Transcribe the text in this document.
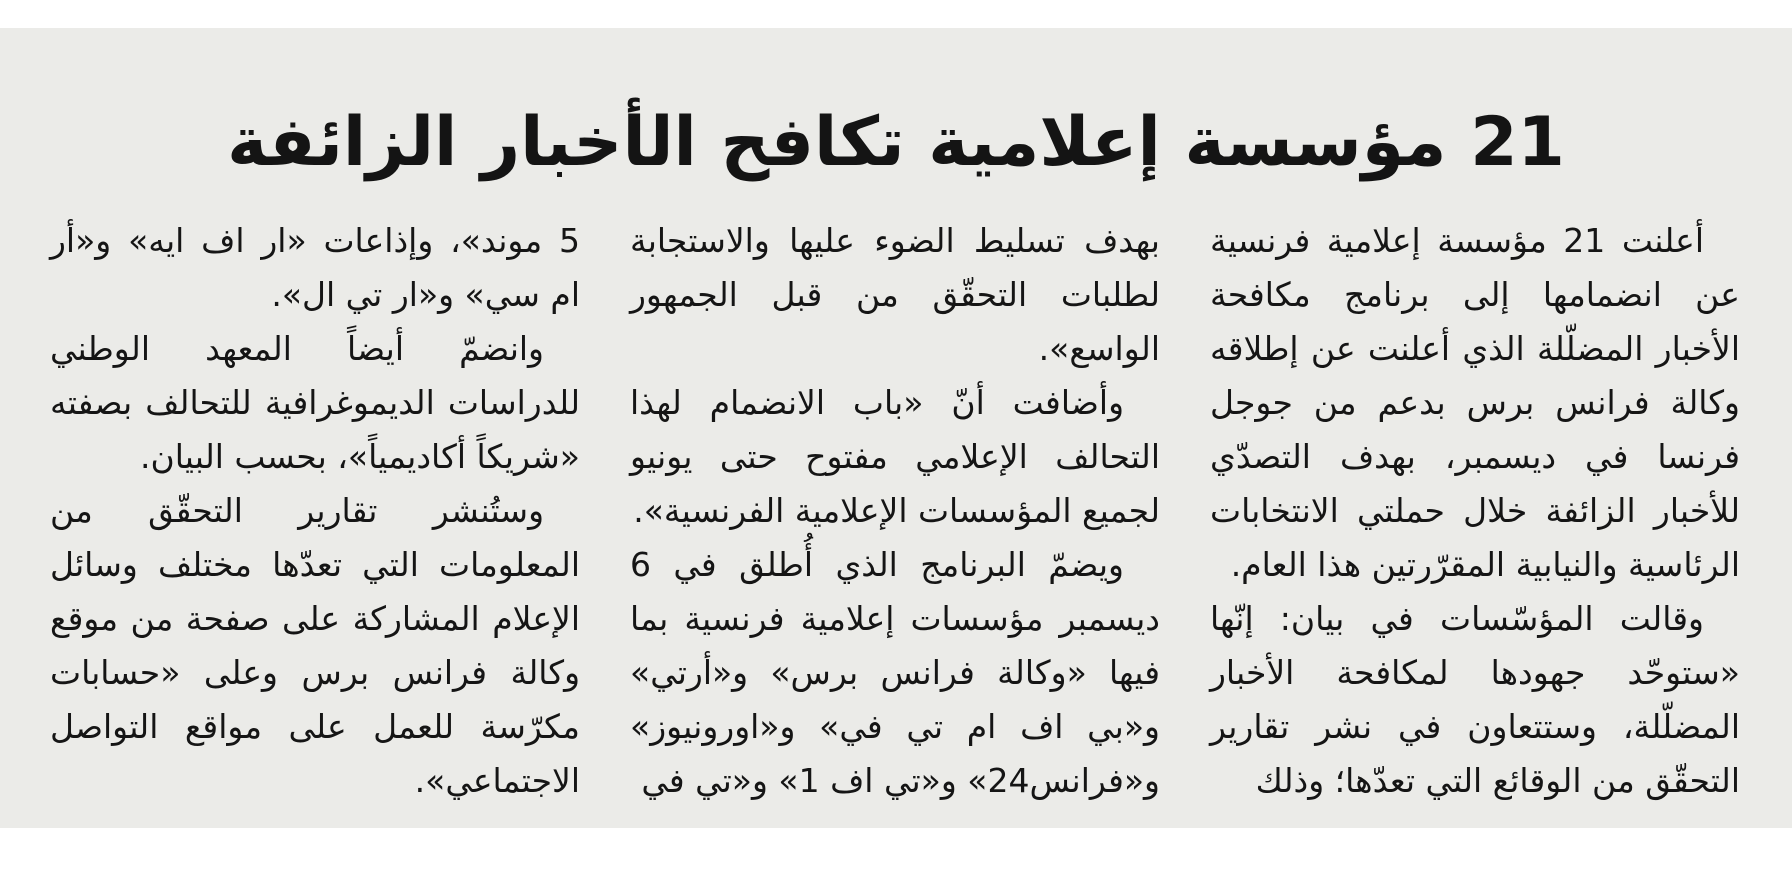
21 مؤسسة إعلامية تكافح الأخبار الزائفة

أعلنت 21 مؤسسة إعلامية فرنسية عن انضمامها إلى برنامج مكافحة الأخبار المضلّلة الذي أعلنت عن إطلاقه وكالة فرانس برس بدعم من جوجل فرنسا في ديسمبر، بهدف التصدّي للأخبار الزائفة خلال حملتي الانتخابات الرئاسية والنيابية المقرّرتين هذا العام.

وقالت المؤسّسات في بيان: إنّها «ستوحّد جهودها لمكافحة الأخبار المضلّلة، وستتعاون في نشر تقارير التحقّق من الوقائع التي تعدّها؛ وذلك

بهدف تسليط الضوء عليها والاستجابة لطلبات التحقّق من قبل الجمهور الواسع».

وأضافت أنّ «باب الانضمام لهذا التحالف الإعلامي مفتوح حتى يونيو لجميع المؤسسات الإعلامية الفرنسية».

ويضمّ البرنامج الذي أُطلق في 6 ديسمبر مؤسسات إعلامية فرنسية بما فيها «وكالة فرانس برس» و«أرتي» و«بي اف ام تي في» و«اورونيوز» و«فرانس24» و«تي اف 1» و«تي في

5 موند»، وإذاعات «ار اف ايه» و«أر ام سي» و«ار تي ال».

وانضمّ أيضاً المعهد الوطني للدراسات الديموغرافية للتحالف بصفته «شريكاً أكاديمياً»، بحسب البيان.

وستُنشر تقارير التحقّق من المعلومات التي تعدّها مختلف وسائل الإعلام المشاركة على صفحة من موقع وكالة فرانس برس وعلى «حسابات مكرّسة للعمل على مواقع التواصل الاجتماعي».
